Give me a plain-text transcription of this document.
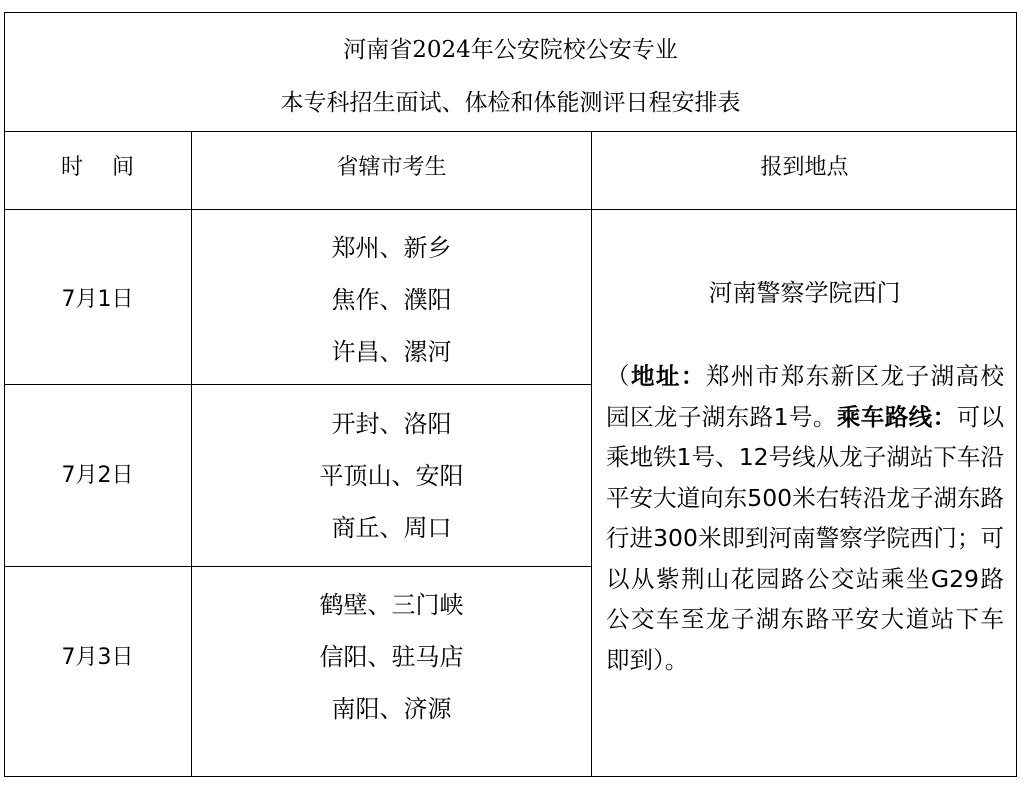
河南省2024年公安院校公安专业
本专科招生面试、体检和体能测评日程安排表
时　 间	省辖市考生	报到地点
7月1日
郑州、新乡
焦作、濮阳
许昌、漯河
7月2日
开封、洛阳
平顶山、安阳
商丘、周口
7月3日
鹤壁、三门峡
信阳、驻马店
南阳、济源
河南警察学院西门
（地址：郑州市郑东新区龙子湖高校园区龙子湖东路1号。乘车路线：可以乘地铁1号、12号线从龙子湖站下车沿平安大道向东500米右转沿龙子湖东路行进300米即到河南警察学院西门；可以从紫荆山花园路公交站乘坐G29路公交车至龙子湖东路平安大道站下车即到）。
